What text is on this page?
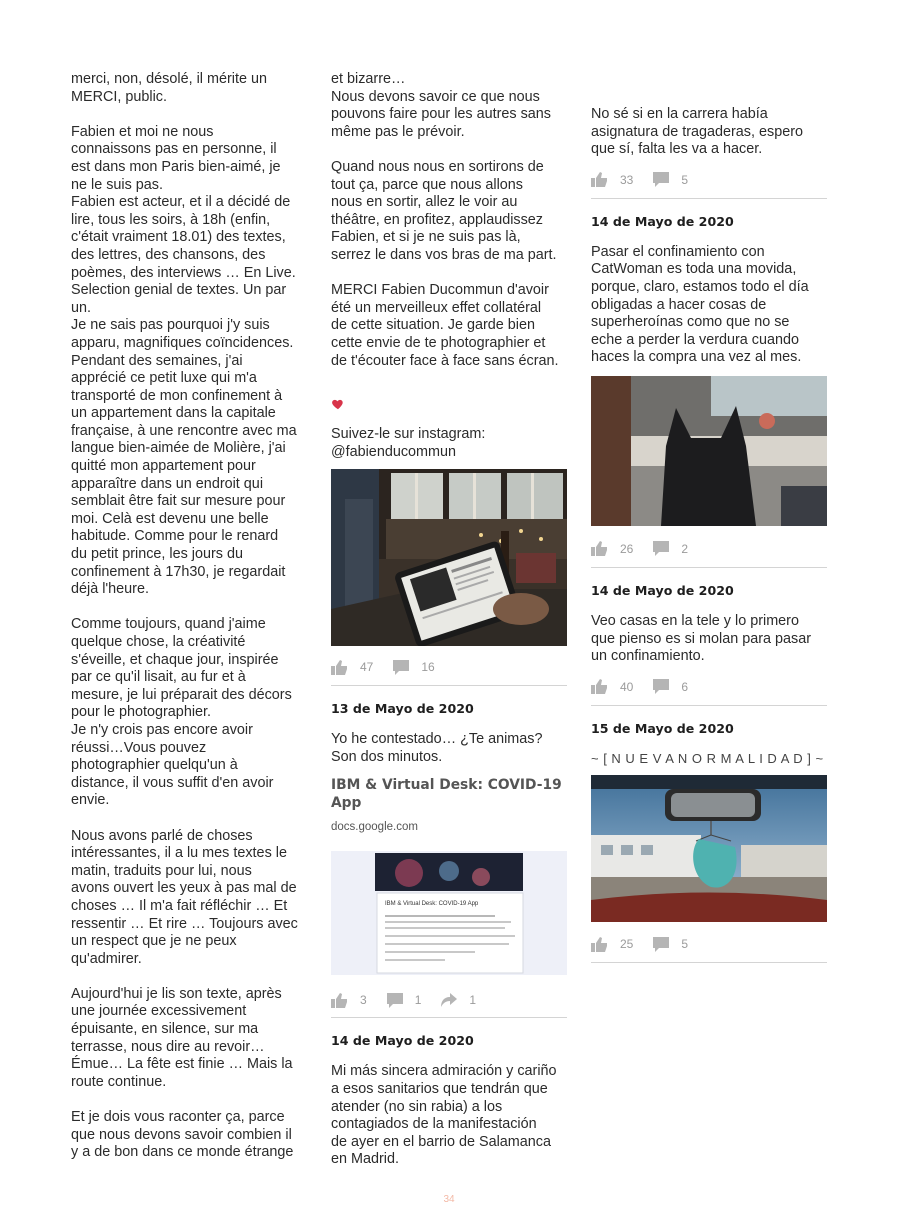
merci, non, désolé, il mérite un
MERCI, public.

Fabien et moi ne nous
connaissons pas en personne, il
est dans mon Paris bien-aimé, je
ne le suis pas.
Fabien est acteur, et il a décidé de
lire, tous les soirs, à 18h (enfin,
c'était vraiment 18.01) des textes,
des lettres, des chansons, des
poèmes, des interviews … En Live.
Selection genial de textes. Un par
un.
Je ne sais pas pourquoi j'y suis
apparu, magnifiques coïncidences.
Pendant des semaines, j'ai
apprécié ce petit luxe qui m'a
transporté de mon confinement à
un appartement dans la capitale
française, à une rencontre avec ma
langue bien-aimée de Molière, j'ai
quitté mon appartement pour
apparaître dans un endroit qui
semblait être fait sur mesure pour
moi. Celà est devenu une belle
habitude. Comme pour le renard
du petit prince, les jours du
confinement à 17h30, je regardait
déjà l'heure.

Comme toujours, quand j'aime
quelque chose, la créativité
s'éveille, et chaque jour, inspirée
par ce qu'il lisait, au fur et à
mesure, je lui préparait des décors
pour le photographier.
Je n'y crois pas encore avoir
réussi…Vous pouvez
photographier quelqu'un à
distance, il vous suffit d'en avoir
envie.

Nous avons parlé de choses
intéressantes, il a lu mes textes le
matin, traduits pour lui, nous
avons ouvert les yeux à pas mal de
choses … Il m'a fait réfléchir … Et
ressentir … Et rire … Toujours avec
un respect que je ne peux
qu'admirer.

Aujourd'hui je lis son texte, après
une journée excessivement
épuisante, en silence, sur ma
terrasse, nous dire au revoir…
Émue… La fête est finie … Mais la
route continue.

Et je dois vous raconter ça, parce
que nous devons savoir combien il
y a de bon dans ce monde étrange

et bizarre…
Nous devons savoir ce que nous
pouvons faire pour les autres sans
même pas le prévoir.

Quand nous nous en sortirons de
tout ça, parce que nous allons
nous en sortir, allez le voir au
théâtre, en profitez, applaudissez
Fabien, et si je ne suis pas là,
serrez le dans vos bras de ma part.

MERCI Fabien Ducommun d'avoir
été un merveilleux effet collatéral
de cette situation. Je garde bien
cette envie de te photographier et
de t'écouter face à face sans écran.

Suivez-le sur instagram:
@fabienducommun

47	16

13 de Mayo de 2020

Yo he contestado… ¿Te animas?
Son dos minutos.

IBM & Virtual Desk: COVID-19
App

docs.google.com

IBM & Virtual Desk: COVID-19 App
3	1	1

14 de Mayo de 2020

Mi más sincera admiración y cariño
a esos sanitarios que tendrán que
atender (no sin rabia) a los
contagiados de la manifestación
de ayer en el barrio de Salamanca
en Madrid.

No sé si en la carrera había
asignatura de tragaderas, espero
que sí, falta les va a hacer.

33	5

14 de Mayo de 2020

Pasar el confinamiento con
CatWoman es toda una movida,
porque, claro, estamos todo el día
obligadas a hacer cosas de
superheroínas como que no se
eche a perder la verdura cuando
haces la compra una vez al mes.

26	2

14 de Mayo de 2020

Veo casas en la tele y lo primero
que pienso es si molan para pasar
un confinamiento.

40	6

15 de Mayo de 2020

~ [ N U E V A N O R M A L I D A D ] ~

25	5
34
